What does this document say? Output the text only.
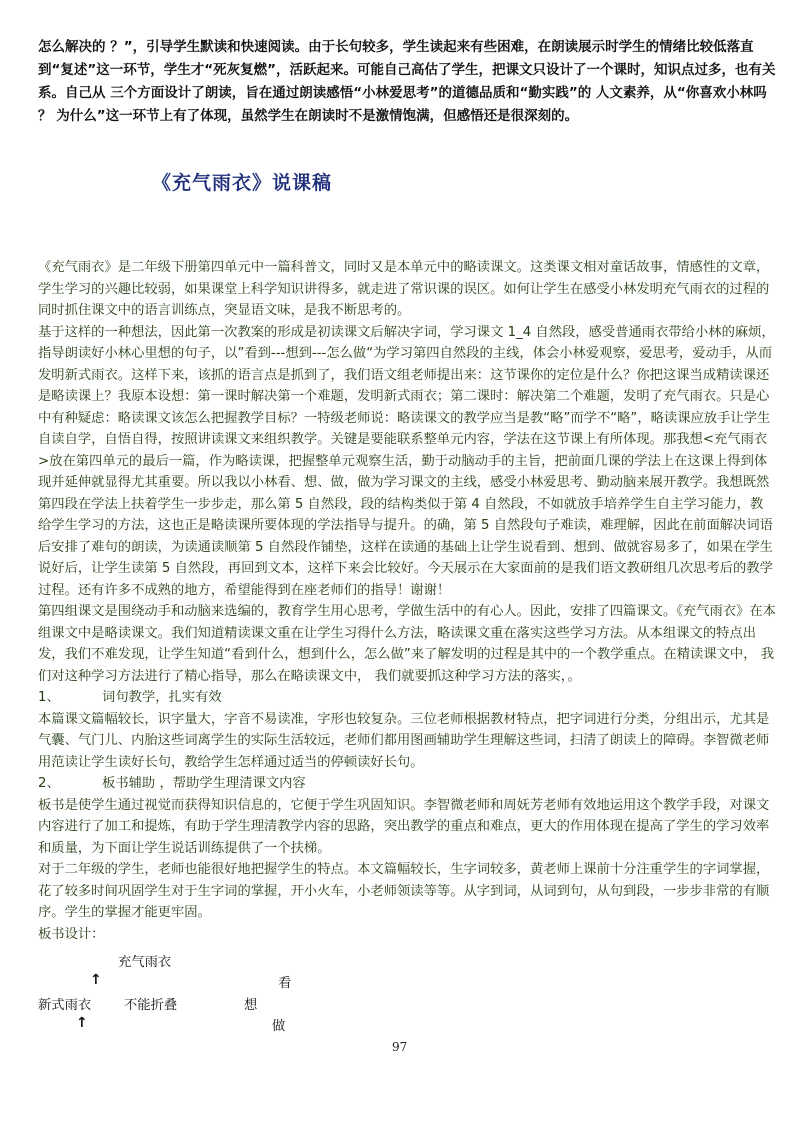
怎么解决的 ？”，引导学生默读和快速阅读。由于长句较多，学生读起来有些困难，在朗读展示时学生的情绪比较低落直到“复述”这一环节，学生才“死灰复燃”，活跃起来。可能自己高估了学生，把课文只设计了一个课时，知识点过多，也有关系。自己从 三个方面设计了朗读，旨在通过朗读感悟“小林爱思考”的道德品质和“勤实践”的 人文素养，从“你喜欢小林吗 ？ 为什么”这一环节上有了体现，虽然学生在朗读时不是激情饱满，但感悟还是很深刻的。

《充气雨衣》说课稿

《充气雨衣》是二年级下册第四单元中一篇科普文，同时又是本单元中的略读课文。这类课文相对童话故事，情感性的文章，学生学习的兴趣比较弱，如果课堂上科学知识讲得多，就走进了常识课的误区。如何让学生在感受小林发明充气雨衣的过程的同时抓住课文中的语言训练点，突显语文味，是我不断思考的。

基于这样的一种想法，因此第一次教案的形成是初读课文后解决字词，学习课文 1_4 自然段，感受普通雨衣带给小林的麻烦，指导朗读好小林心里想的句子，以”看到---想到---怎么做“为学习第四自然段的主线，体会小林爱观察，爱思考，爱动手，从而发明新式雨衣。这样下来，该抓的语言点是抓到了，我们语文组老师提出来：这节课你的定位是什么？你把这课当成精读课还是略读课上？我原本设想：第一课时解决第一个难题，发明新式雨衣；第二课时：解决第二个难题，发明了充气雨衣。只是心中有种疑虑：略读课文该怎么把握教学目标？一特级老师说：略读课文的教学应当是教“略”而学不“略”，略读课应放手让学生自读自学，自悟自得，按照讲读课文来组织教学。关键是要能联系整单元内容，学法在这节课上有所体现。那我想<充气雨衣>放在第四单元的最后一篇，作为略读课，把握整单元观察生活，勤于动脑动手的主旨，把前面几课的学法上在这课上得到体现并延伸就显得尤其重要。所以我以小林看、想、做，做为学习课文的主线，感受小林爱思考、勤动脑来展开教学。我想既然第四段在学法上扶着学生一步步走，那么第 5 自然段，段的结构类似于第 4 自然段，不如就放手培养学生自主学习能力，教给学生学习的方法，这也正是略读课所要体现的学法指导与提升。的确，第 5 自然段句子难读，难理解，因此在前面解决词语后安排了难句的朗读，为读通读顺第 5 自然段作铺垫，这样在读通的基础上让学生说看到、想到、做就容易多了，如果在学生说好后，让学生读第 5 自然段，再回到文本，这样下来会比较好。今天展示在大家面前的是我们语文教研组几次思考后的教学过程。还有许多不成熟的地方，希望能得到在座老师们的指导！谢谢！

第四组课文是围绕动手和动脑来选编的，教育学生用心思考，学做生活中的有心人。因此，安排了四篇课文。《充气雨衣》在本组课文中是略读课文。我们知道精读课文重在让学生习得什么方法，略读课文重在落实这些学习方法。从本组课文的特点出发，我们不难发现，让学生知道“看到什么，想到什么，怎么做”来了解发明的过程是其中的一个教学重点。在精读课文中， 我们对这种学习方法进行了精心指导，那么在略读课文中， 我们就要抓这种学习方法的落实，。

1、          词句教学，扎实有效

本篇课文篇幅较长，识字量大，字音不易读准，字形也较复杂。三位老师根据教材特点，把字词进行分类，分组出示，尤其是气囊、气门儿、内胎这些词离学生的实际生活较远，老师们都用图画辅助学生理解这些词，扫清了朗读上的障碍。李智微老师用范读让学生读好长句，教给学生怎样通过适当的停顿读好长句。

2、          板书辅助 ，帮助学生理清课文内容

板书是使学生通过视觉而获得知识信息的，它便于学生巩固知识。李智微老师和周妩芳老师有效地运用这个教学手段，对课文内容进行了加工和提炼，有助于学生理清教学内容的思路，突出教学的重点和难点，更大的作用体现在提高了学生的学习效率和质量，为下面让学生说话训练提供了一个扶梯。

对于二年级的学生，老师也能很好地把握学生的特点。本文篇幅较长，生字词较多，黄老师上课前十分注重学生的字词掌握，花了较多时间巩固学生对于生字词的掌握，开小火车，小老师领读等等。从字到词，从词到句，从句到段，一步步非常的有顺序。学生的掌握才能更牢固。

板书设计：

充气雨衣
↑	看
新式雨衣 不能折叠	想
↑	做
97
